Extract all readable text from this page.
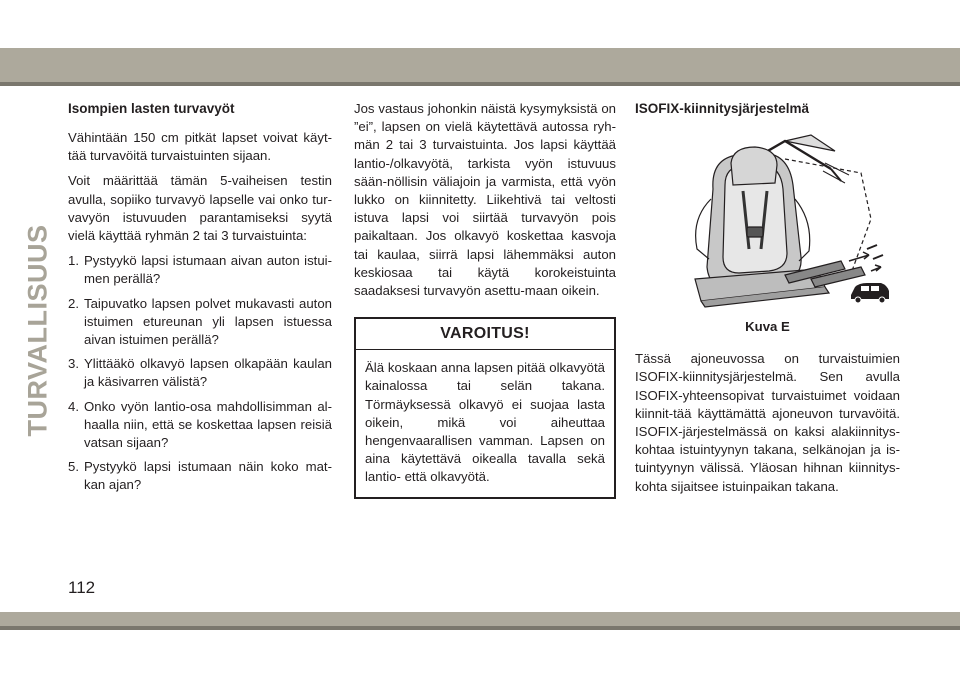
TURVALLISUUS
Isompien lasten turvavyöt

Vähintään 150 cm pitkät lapset voivat käyt-tää turvavöitä turvaistuinten sijaan.

Voit määrittää tämän 5-vaiheisen testin avulla, sopiiko turvavyö lapselle vai onko tur-vavyön istuvuuden parantamiseksi syytä vielä käyttää ryhmän 2 tai 3 turvaistuinta:

1. Pystyykö lapsi istumaan aivan auton istui-men perällä?
2. Taipuvatko lapsen polvet mukavasti auton istuimen etureunan yli lapsen istuessa aivan istuimen perällä?
3. Ylittääkö olkavyö lapsen olkapään kaulan ja käsivarren välistä?
4. Onko vyön lantio-osa mahdollisimman al-haalla niin, että se koskettaa lapsen reisiä vatsan sijaan?
5. Pystyykö lapsi istumaan näin koko mat-kan ajan?

Jos vastaus johonkin näistä kysymyksistä on ”ei”, lapsen on vielä käytettävä autossa ryh-män 2 tai 3 turvaistuinta. Jos lapsi käyttää lantio-/olkavyötä, tarkista vyön istuvuus sään-nöllisin väliajoin ja varmista, että vyön lukko on kiinnitetty. Liikehtivä tai veltosti istuva lapsi voi siirtää turvavyön pois paikaltaan. Jos olkavyö koskettaa kasvoja tai kaulaa, siirrä lapsi lähemmäksi auton keskiosaa tai käytä korokeistuinta saadaksesi turvavyön asettu-maan oikein.

VAROITUS!
Älä koskaan anna lapsen pitää olkavyötä kainalossa tai selän takana. Törmäyksessä olkavyö ei suojaa lasta oikein, mikä voi aiheuttaa hengenvaarallisen vamman. Lapsen on aina käytettävä oikealla tavalla sekä lantio- että olkavyötä.
ISOFIX-kiinnitysjärjestelmä
Kuva E

Tässä ajoneuvossa on turvaistuimien ISOFIX-kiinnitysjärjestelmä. Sen avulla ISOFIX-yhteensopivat turvaistuimet voidaan kiinnit-tää käyttämättä ajoneuvon turvavöitä. ISOFIX-järjestelmässä on kaksi alakiinnitys-kohtaa istuintyynyn takana, selkänojan ja is-tuintyynyn välissä. Yläosan hihnan kiinnitys-kohta sijaitsee istuinpaikan takana.

112
